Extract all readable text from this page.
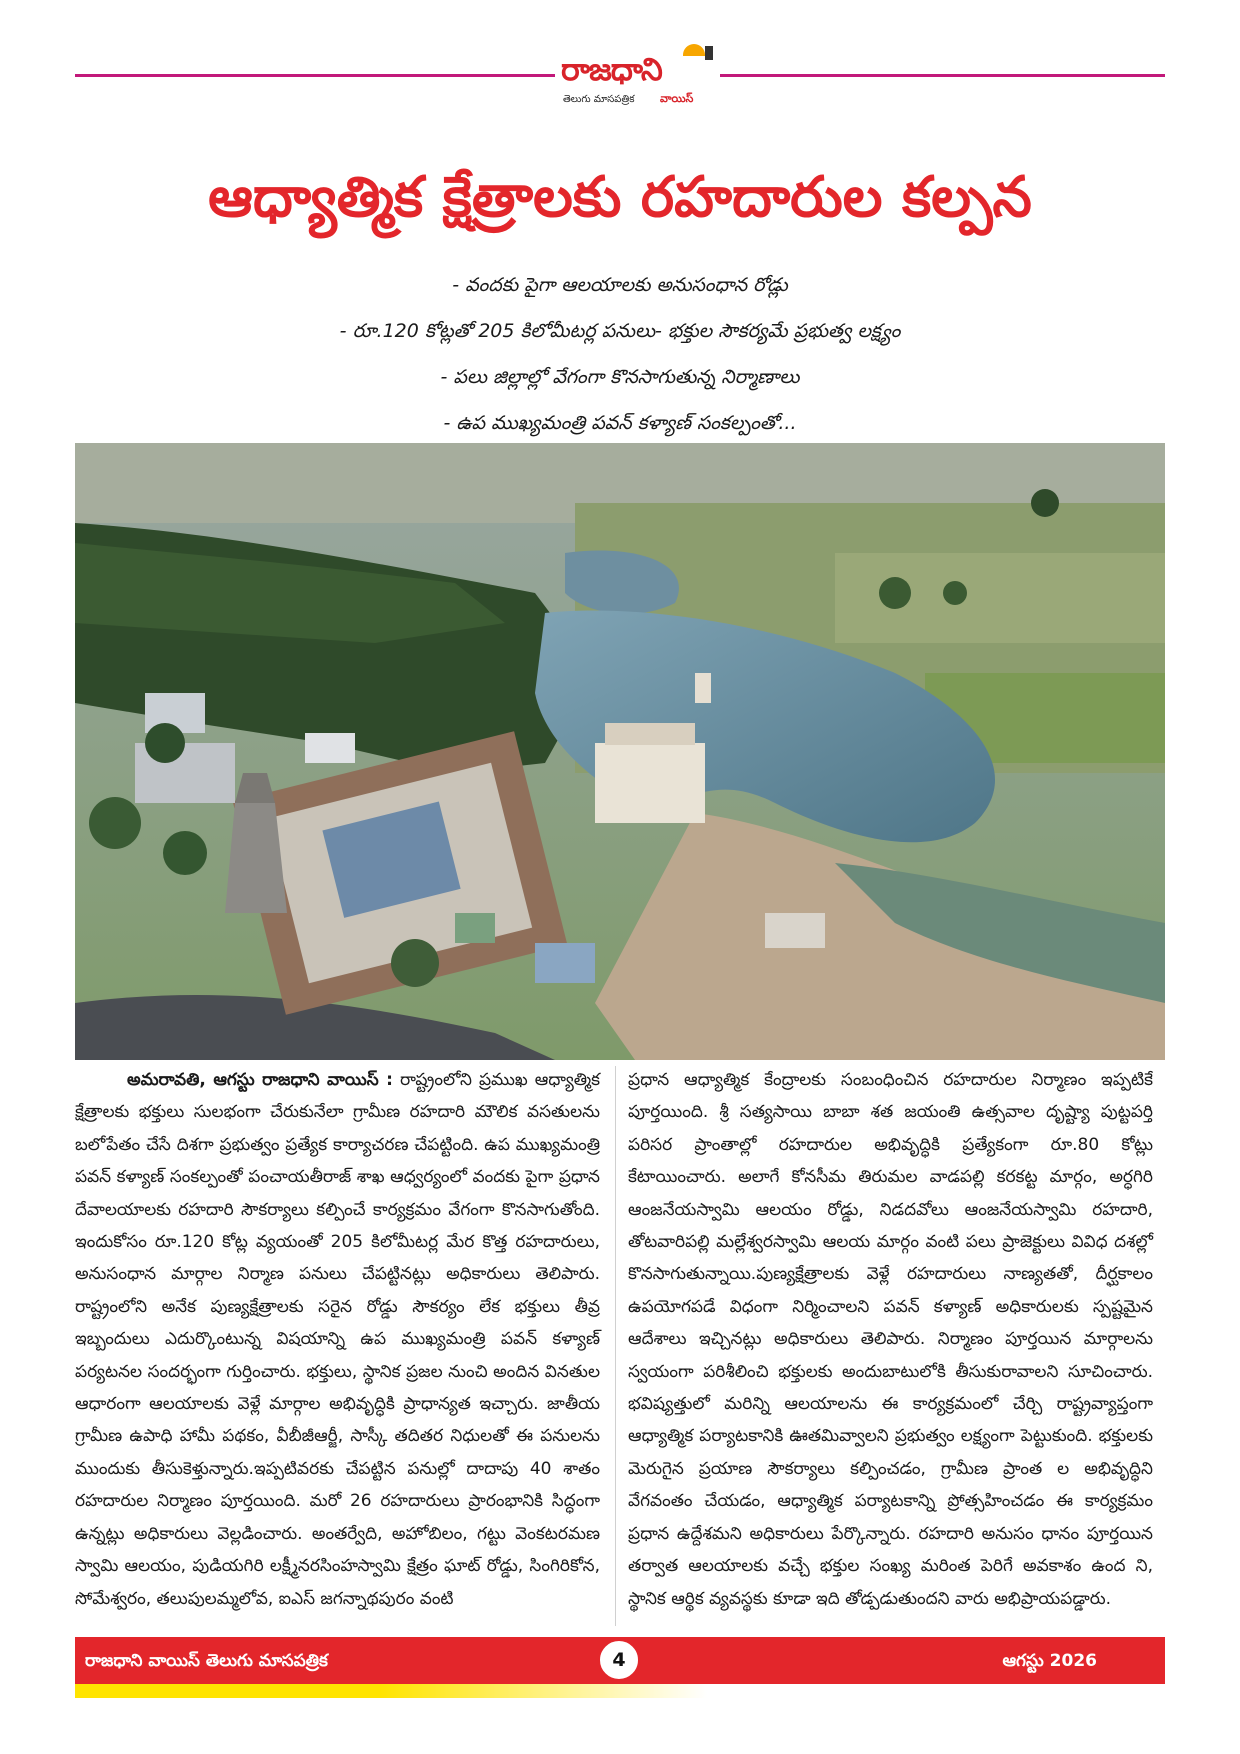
రాజధాని
తెలుగు మాసపత్రిక వాయిస్
ఆధ్యాత్మిక క్షేత్రాలకు రహదారుల కల్పన
- వందకు పైగా ఆలయాలకు అనుసంధాన రోడ్లు
- రూ.120 కోట్లతో 205 కిలోమీటర్ల పనులు- భక్తుల సౌకర్యమే ప్రభుత్వ లక్ష్యం
- పలు జిల్లాల్లో వేగంగా కొనసాగుతున్న నిర్మాణాలు
- ఉప ముఖ్యమంత్రి పవన్ కళ్యాణ్ సంకల్పంతో...
అమరావతి, ఆగస్టు రాజధాని వాయిస్ : రాష్ట్రంలోని ప్రముఖ ఆధ్యాత్మిక క్షేత్రాలకు భక్తులు సులభంగా చేరుకునేలా గ్రామీణ రహదారి మౌలిక వసతులను బలోపేతం చేసే దిశగా ప్రభుత్వం ప్రత్యేక కార్యాచరణ చేపట్టింది. ఉప ముఖ్యమంత్రి పవన్ కళ్యాణ్ సంకల్పంతో పంచాయతీరాజ్ శాఖ ఆధ్వర్యంలో వందకు పైగా ప్రధాన దేవాలయాలకు రహదారి సౌకర్యాలు కల్పించే కార్యక్రమం వేగంగా కొనసాగుతోంది. ఇందుకోసం రూ.120 కోట్ల వ్యయంతో 205 కిలోమీటర్ల మేర కొత్త రహదారులు, అనుసంధాన మార్గాల నిర్మాణ పనులు చేపట్టినట్లు అధికారులు తెలిపారు. రాష్ట్రంలోని అనేక పుణ్యక్షేత్రాలకు సరైన రోడ్డు సౌకర్యం లేక భక్తులు తీవ్ర ఇబ్బందులు ఎదుర్కొంటున్న విషయాన్ని ఉప ముఖ్యమంత్రి పవన్ కళ్యాణ్ పర్యటనల సందర్భంగా గుర్తించారు. భక్తులు, స్థానిక ప్రజల నుంచి అందిన వినతుల ఆధారంగా ఆలయాలకు వెళ్లే మార్గాల అభివృద్ధికి ప్రాధాన్యత ఇచ్చారు. జాతీయ గ్రామీణ ఉపాధి హామీ పథకం, వీబీజీఆర్జీ, సాస్కీ తదితర నిధులతో ఈ పనులను ముందుకు తీసుకెళ్తున్నారు.ఇప్పటివరకు చేపట్టిన పనుల్లో దాదాపు 40 శాతం రహదారుల నిర్మాణం పూర్తయింది. మరో 26 రహదారులు ప్రారంభానికి సిద్ధంగా ఉన్నట్లు అధికారులు వెల్లడించారు. అంతర్వేది, అహోబిలం, గట్టు వెంకటరమణ స్వామి ఆలయం, పుడియగిరి లక్ష్మీనరసింహస్వామి క్షేత్రం ఘాట్ రోడ్డు, సింగిరికోన, సోమేశ్వరం, తలుపులమ్మలోవ, ఐఎస్ జగన్నాథపురం వంటి
ప్రధాన ఆధ్యాత్మిక కేంద్రాలకు సంబంధించిన రహదారుల నిర్మాణం ఇప్పటికే పూర్తయింది. శ్రీ సత్యసాయి బాబా శత జయంతి ఉత్సవాల దృష్ట్యా పుట్టపర్తి పరిసర ప్రాంతాల్లో రహదారుల అభివృద్ధికి ప్రత్యేకంగా రూ.80 కోట్లు కేటాయించారు. అలాగే కోనసీమ తిరుమల వాడపల్లి కరకట్ట మార్గం, అర్ధగిరి ఆంజనేయస్వామి ఆలయం రోడ్డు, నిడదవోలు ఆంజనేయస్వామి రహదారి, తోటవారిపల్లి మల్లేశ్వరస్వామి ఆలయ మార్గం వంటి పలు ప్రాజెక్టులు వివిధ దశల్లో కొనసాగుతున్నాయి.పుణ్యక్షేత్రాలకు వెళ్లే రహదారులు నాణ్యతతో, దీర్ఘకాలం ఉపయోగపడే విధంగా నిర్మించాలని పవన్ కళ్యాణ్ అధికారులకు స్పష్టమైన ఆదేశాలు ఇచ్చినట్లు అధికారులు తెలిపారు. నిర్మాణం పూర్తయిన మార్గాలను స్వయంగా పరిశీలించి భక్తులకు అందుబాటులోకి తీసుకురావాలని సూచించారు. భవిష్యత్తులో మరిన్ని ఆలయాలను ఈ కార్యక్రమంలో చేర్చి రాష్ట్రవ్యాప్తంగా ఆధ్యాత్మిక పర్యాటకానికి ఊతమివ్వాలని ప్రభుత్వం లక్ష్యంగా పెట్టుకుంది. భక్తులకు మెరుగైన ప్రయాణ సౌకర్యాలు కల్పించడం, గ్రామీణ ప్రాంత ల అభివృద్ధిని వేగవంతం చేయడం, ఆధ్యాత్మిక పర్యాటకాన్ని ప్రోత్సహించడం ఈ కార్యక్రమం ప్రధాన ఉద్దేశమని అధికారులు పేర్కొన్నారు. రహదారి అనుసం ధానం పూర్తయిన తర్వాత ఆలయాలకు వచ్చే భక్తుల సంఖ్య మరింత పెరిగే అవకాశం ఉంద ని, స్థానిక ఆర్థిక వ్యవస్థకు కూడా ఇది తోడ్పడుతుందని వారు అభిప్రాయపడ్డారు.
రాజధాని వాయిస్ తెలుగు మాసపత్రిక	4	ఆగస్టు 2026
